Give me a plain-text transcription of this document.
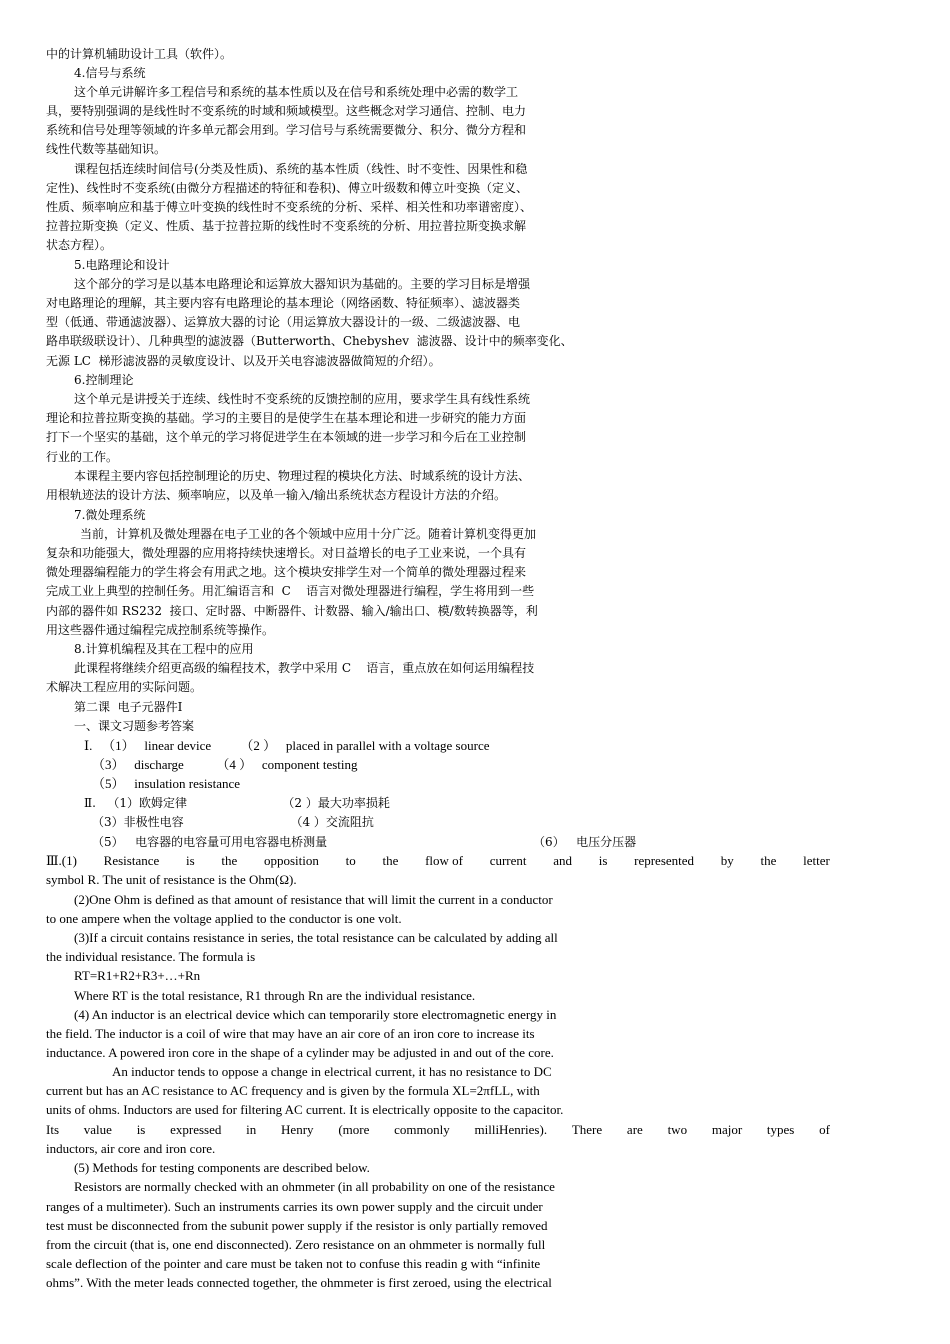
中的计算机辅助设计工具（软件）。
4.信号与系统
这个单元讲解许多工程信号和系统的基本性质以及在信号和系统处理中必需的数学工
具，要特别强调的是线性时不变系统的时域和频域模型。这些概念对学习通信、控制、电力
系统和信号处理等领域的许多单元都会用到。学习信号与系统需要微分、积分、微分方程和
线性代数等基础知识。
课程包括连续时间信号(分类及性质)、系统的基本性质（线性、时不变性、因果性和稳
定性)、线性时不变系统(由微分方程描述的特征和卷积)、傅立叶级数和傅立叶变换（定义、
性质、频率响应和基于傅立叶变换的线性时不变系统的分析、采样、相关性和功率谱密度）、
拉普拉斯变换（定义、性质、基于拉普拉斯的线性时不变系统的分析、用拉普拉斯变换求解
状态方程）。
5.电路理论和设计
这个部分的学习是以基本电路理论和运算放大器知识为基础的。主要的学习目标是增强
对电路理论的理解，其主要内容有电路理论的基本理论（网络函数、特征频率）、滤波器类
型（低通、带通滤波器）、运算放大器的讨论（用运算放大器设计的一级、二级滤波器、电
路串联级联设计）、几种典型的滤波器（Butterworth、Chebyshev  滤波器、设计中的频率变化、
无源 LC  梯形滤波器的灵敏度设计、以及开关电容滤波器做简短的介绍）。
6.控制理论
这个单元是讲授关于连续、线性时不变系统的反馈控制的应用，要求学生具有线性系统
理论和拉普拉斯变换的基础。学习的主要目的是使学生在基本理论和进一步研究的能力方面
打下一个坚实的基础，这个单元的学习将促进学生在本领域的进一步学习和今后在工业控制
行业的工作。
本课程主要内容包括控制理论的历史、物理过程的模块化方法、时域系统的设计方法、
用根轨迹法的设计方法、频率响应，以及单一输入/输出系统状态方程设计方法的介绍。
7.微处理系统
当前，计算机及微处理器在电子工业的各个领域中应用十分广泛。随着计算机变得更加
复杂和功能强大，微处理器的应用将持续快速增长。对日益增长的电子工业来说，一个具有
微处理器编程能力的学生将会有用武之地。这个模块安排学生对一个简单的微处理器过程来
完成工业上典型的控制任务。用汇编语言和  C    语言对微处理器进行编程，学生将用到一些
内部的器件如 RS232  接口、定时器、中断器件、计数器、输入/输出口、模/数转换器等，利
用这些器件通过编程完成控制系统等操作。
8.计算机编程及其在工程中的应用
此课程将继续介绍更高级的编程技术，教学中采用 C    语言，重点放在如何运用编程技
术解决工程应用的实际问题。
第二课  电子元器件Ⅰ
一、课文习题参考答案
Ⅰ.   （1）   linear device         （2 ）   placed in parallel with a voltage source
（3）   discharge          （4 ）   component testing
（5）   insulation resistance
Ⅱ.   （1）欧姆定律                         （2 ）最大功率损耗
（3）非极性电容                            （4 ）交流阻抗
（5）   电容器的电容量可用电容器电桥测量                                                      （6）   电压分压器
Ⅲ.(1) Resistance is the opposition to the flow of current and is represented by the letter
symbol R. The unit of resistance is the Ohm(Ω).
(2)One Ohm is defined as that amount of resistance that will limit the current in a conductor
to one ampere when the voltage applied to the conductor is one volt.
(3)If a circuit contains resistance in series, the total resistance can be calculated by adding all
the individual resistance. The formula is
RT=R1+R2+R3+…+Rn
Where RT is the total resistance, R1 through Rn are the individual resistance.
(4) An inductor is an electrical device which can temporarily store electromagnetic energy in
the field. The inductor is a coil of wire that may have an air core of an iron core to increase its
inductance. A powered iron core in the shape of a cylinder may be adjusted in and out of the core.
An inductor tends to oppose a change in electrical current, it has no resistance to DC
current but has an AC resistance to AC frequency and is given by the formula XL=2πfLL, with
units of ohms. Inductors are used for filtering AC current. It is electrically opposite to the capacitor.
Its value is expressed in Henry (more commonly milliHenries). There are two major types of
inductors, air core and iron core.
(5) Methods for testing components are described below.
Resistors are normally checked with an ohmmeter (in all probability on one of the resistance
ranges of a multimeter). Such an instruments carries its own power supply and the circuit under
test must be disconnected from the subunit power supply if the resistor is only partially removed
from the circuit (that is, one end disconnected). Zero resistance on an ohmmeter is normally full
scale deflection of the pointer and care must be taken not to confuse this readin g with “infinite
ohms”. With the meter leads connected together, the ohmmeter is first zeroed, using the electrical
